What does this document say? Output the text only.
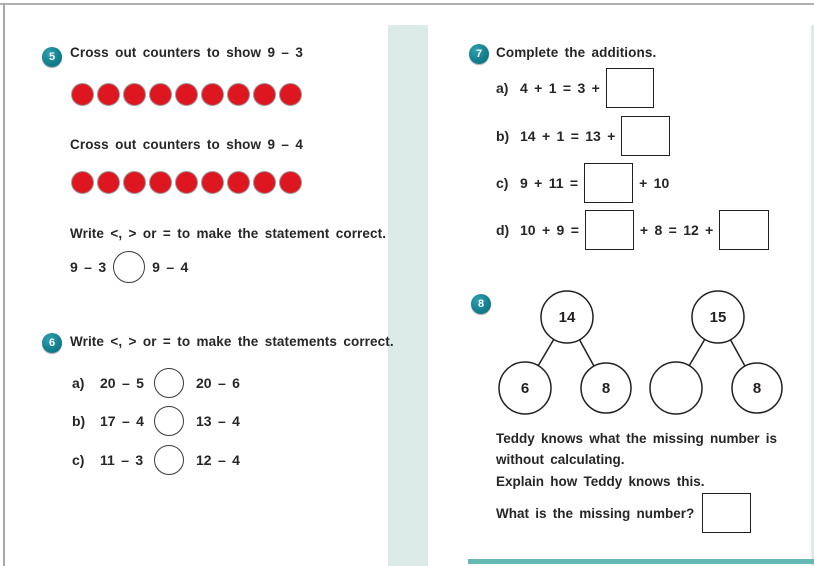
5	Cross out counters to show 9 – 3
Cross out counters to show 9 – 4
Write <, > or = to make the statement correct.
9 – 3	9 – 4
6	Write <, > or = to make the statements correct.
a)	20 – 5	20 – 6
b)	17 – 4	13 – 4
c)	11 – 3	12 – 4
7	Complete the additions.
a) 4 + 1 = 3 +
b) 14 + 1 = 13 +
c) 9 + 11 =	+ 10
d) 10 + 9 =	+ 8 = 12 +
8
14
6	8
15
8
Teddy knows what the missing number is
without calculating.
Explain how Teddy knows this.
What is the missing number?
